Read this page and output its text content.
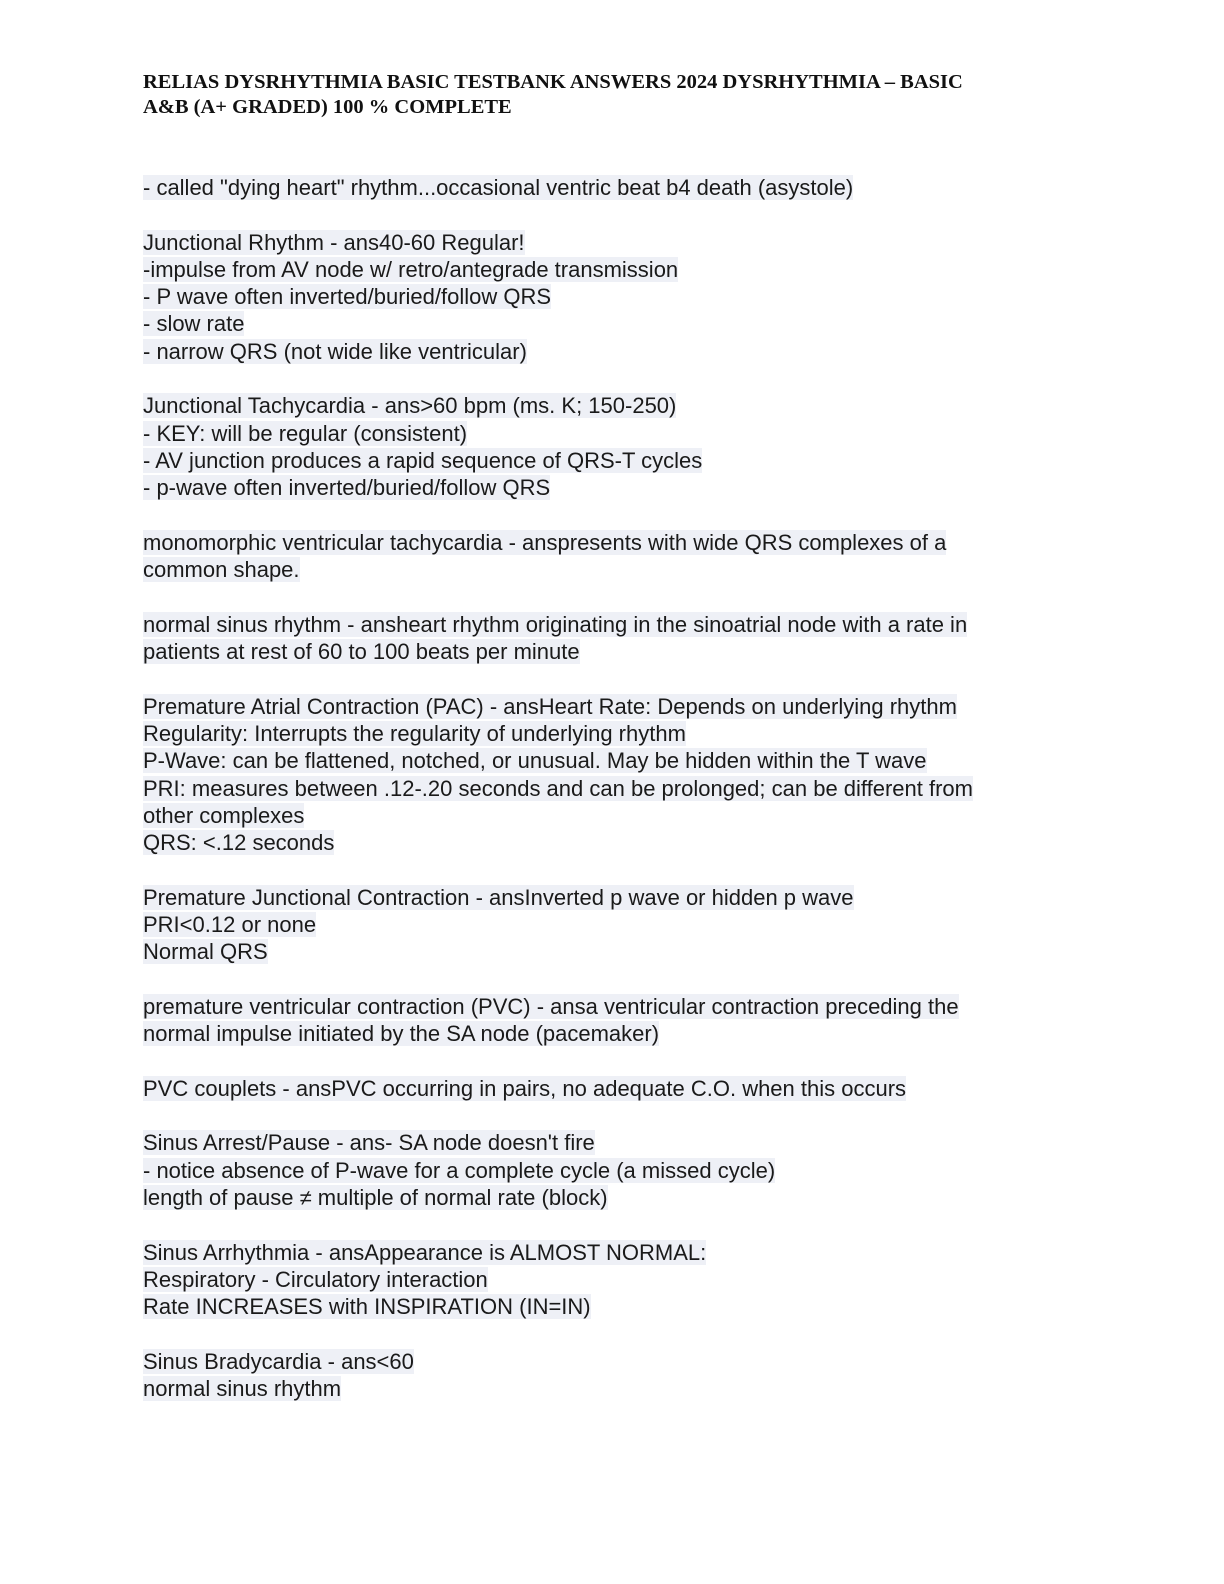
RELIAS DYSRHYTHMIA BASIC TESTBANK ANSWERS 2024 DYSRHYTHMIA – BASIC
A&B (A+ GRADED) 100 % COMPLETE
- called "dying heart" rhythm...occasional ventric beat b4 death (asystole)
Junctional Rhythm - ans40-60 Regular!
-impulse from AV node w/ retro/antegrade transmission
- P wave often inverted/buried/follow QRS
- slow rate
- narrow QRS (not wide like ventricular)
Junctional Tachycardia - ans>60 bpm (ms. K; 150-250)
- KEY: will be regular (consistent)
- AV junction produces a rapid sequence of QRS-T cycles
- p-wave often inverted/buried/follow QRS
monomorphic ventricular tachycardia - anspresents with wide QRS complexes of a
common shape.
normal sinus rhythm - ansheart rhythm originating in the sinoatrial node with a rate in
patients at rest of 60 to 100 beats per minute
Premature Atrial Contraction (PAC) - ansHeart Rate: Depends on underlying rhythm
Regularity: Interrupts the regularity of underlying rhythm
P-Wave: can be flattened, notched, or unusual. May be hidden within the T wave
PRI: measures between .12-.20 seconds and can be prolonged; can be different from
other complexes
QRS: <.12 seconds
Premature Junctional Contraction - ansInverted p wave or hidden p wave
PRI<0.12 or none
Normal QRS
premature ventricular contraction (PVC) - ansa ventricular contraction preceding the
normal impulse initiated by the SA node (pacemaker)
PVC couplets - ansPVC occurring in pairs, no adequate C.O. when this occurs
Sinus Arrest/Pause - ans- SA node doesn't fire
- notice absence of P-wave for a complete cycle (a missed cycle)
length of pause ≠ multiple of normal rate (block)
Sinus Arrhythmia - ansAppearance is ALMOST NORMAL:
Respiratory - Circulatory interaction
Rate INCREASES with INSPIRATION (IN=IN)
Sinus Bradycardia - ans<60
normal sinus rhythm
